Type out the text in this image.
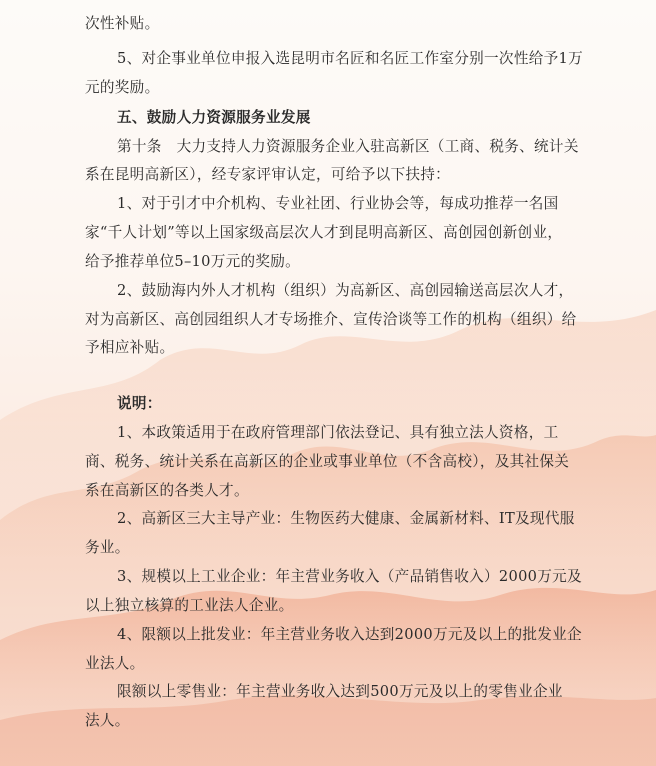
次性补贴。
5、对企事业单位申报入选昆明市名匠和名匠工作室分别一次性给予1万
元的奖励。
五、鼓励人力资源服务业发展
第十条　大力支持人力资源服务企业入驻高新区（工商、税务、统计关
系在昆明高新区），经专家评审认定，可给予以下扶持：
1、对于引才中介机构、专业社团、行业协会等，每成功推荐一名国
家“千人计划”等以上国家级高层次人才到昆明高新区、高创园创新创业，
给予推荐单位5–10万元的奖励。
2、鼓励海内外人才机构（组织）为高新区、高创园输送高层次人才，
对为高新区、高创园组织人才专场推介、宣传洽谈等工作的机构（组织）给
予相应补贴。
说明：
1、本政策适用于在政府管理部门依法登记、具有独立法人资格，工
商、税务、统计关系在高新区的企业或事业单位（不含高校），及其社保关
系在高新区的各类人才。
2、高新区三大主导产业：生物医药大健康、金属新材料、IT及现代服
务业。
3、规模以上工业企业：年主营业务收入（产品销售收入）2000万元及
以上独立核算的工业法人企业。
4、限额以上批发业：年主营业务收入达到2000万元及以上的批发业企
业法人。
限额以上零售业：年主营业务收入达到500万元及以上的零售业企业
法人。
